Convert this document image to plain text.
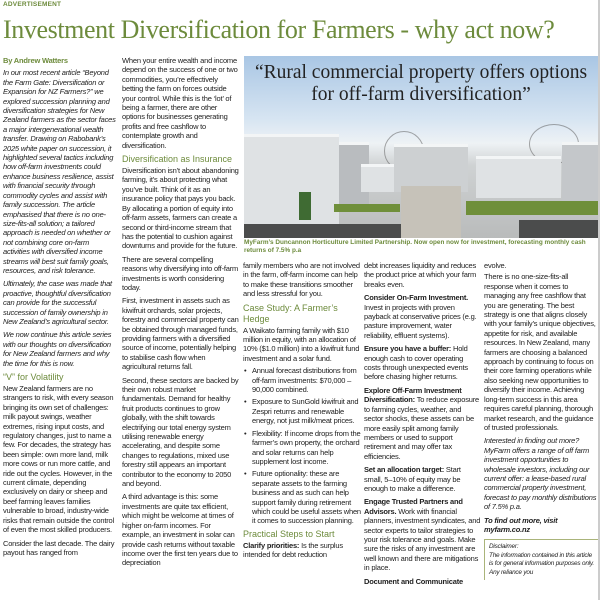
ADVERTISEMENT
Investment Diversification for Farmers - why act now?

By Andrew Watters

In our most recent article “Beyond the Farm Gate: Diversification or Expansion for NZ Farmers?” we explored succession planning and diversification strategies for New Zealand farmers as the sector faces a major intergenerational wealth transfer. Drawing on Rabobank’s 2025 white paper on succession, it highlighted several tactics including how off-farm investments could enhance business resilience, assist with financial security through commodity cycles and assist with family succession. The article emphasised that there is no one-size-fits-all solution; a tailored approach is needed on whether or not combining core on-farm activities with diversified income streams will best suit family goals, resources, and risk tolerance.

Ultimately, the case was made that proactive, thoughtful diversification can provide for the successful succession of family ownership in New Zealand’s agricultural sector.

We now continue this article series with our thoughts on diversification for New Zealand farmers and why the time for this is now.

“V” for Volatility

New Zealand farmers are no strangers to risk, with every season bringing its own set of challenges: milk payout swings, weather extremes, rising input costs, and regulatory changes, just to name a few. For decades, the strategy has been simple: own more land, milk more cows or run more cattle, and ride out the cycles. However, in the current climate, depending exclusively on dairy or sheep and beef farming leaves families vulnerable to broad, industry-wide risks that remain outside the control of even the most skilled producers.

Consider the last decade. The dairy payout has ranged from

When your entire wealth and income depend on the success of one or two commodities, you’re effectively betting the farm on forces outside your control. While this is the ‘lot’ of being a farmer, there are other options for businesses generating profits and free cashflow to contemplate growth and diversification.

Diversification as Insurance

Diversification isn’t about abandoning farming, it’s about protecting what you’ve built. Think of it as an insurance policy that pays you back. By allocating a portion of equity into off-farm assets, farmers can create a second or third-income stream that has the potential to cushion against downturns and provide for the future.

There are several compelling reasons why diversifying into off-farm investments is worth considering today.

First, investment in assets such as kiwifruit orchards, solar projects, forestry and commercial property can be obtained through managed funds, providing farmers with a diversified source of income, potentially helping to stabilise cash flow when agricultural returns fall.

Second, these sectors are backed by their own robust market fundamentals. Demand for healthy fruit products continues to grow globally, with the shift towards electrifying our total energy system utilising renewable energy accelerating, and despite some changes to regulations, mixed use forestry still appears an important contributor to the economy to 2050 and beyond.

A third advantage is this: some investments are quite tax efficient, which might be welcome at times of higher on-farm incomes. For example, an investment in solar can provide cash returns without taxable income over the first ten years due to depreciation

“Rural commercial property offers options for off-farm diversification”
MyFarm’s Duncannon Horticulture Limited Partnership. Now open now for investment, forecasting monthly cash returns of 7.5% p.a

family members who are not involved in the farm, off-farm income can help to make these transitions smoother and less stressful for you.

Case Study: A Farmer’s Hedge

A Waikato farming family with $10 million in equity, with an allocation of 10% ($1.0 million) into a kiwifruit fund investment and a solar fund.

• Annual forecast distributions from off-farm investments: $70,000 – 90,000 combined.
• Exposure to SunGold kiwifruit and Zespri returns and renewable energy, not just milk/meat prices.
• Flexibility: If income drops from the farmer’s own property, the orchard and solar returns can help supplement lost income.
• Future optionality: these are separate assets to the farming business and as such can help support family during retirement which could be useful assets when it comes to succession planning.
Practical Steps to Start

Clarify priorities: Is the surplus intended for debt reduction

debt increases liquidity and reduces the product price at which your farm breaks even.

Consider On-Farm Investment. Invest in projects with proven payback at conservative prices (e.g. pasture improvement, water reliability, effluent systems).

Ensure you have a buffer: Hold enough cash to cover operating costs through unexpected events before chasing higher returns.

Explore Off-Farm Investment Diversification: To reduce exposure to farming cycles, weather, and sector shocks, these assets can be more easily split among family members or used to support retirement and may offer tax efficiencies.

Set an allocation target: Start small, 5–10% of equity may be enough to make a difference.

Engage Trusted Partners and Advisors. Work with financial planners, investment syndicates, and sector experts to tailor strategies to your risk tolerance and goals. Make sure the risks of any investment are well known and there are mitigations in place.

Document and Communicate

evolve.

There is no one-size-fits-all response when it comes to managing any free cashflow that you are generating. The best strategy is one that aligns closely with your family’s unique objectives, appetite for risk, and available resources. In New Zealand, many farmers are choosing a balanced approach by continuing to focus on their core farming operations while also seeking new opportunities to diversify their income. Achieving long-term success in this area requires careful planning, thorough market research, and the guidance of trusted professionals.

Interested in finding out more? MyFarm offers a range of off farm investment opportunities to wholesale investors, including our current offer: a lease-based rural commercial property investment, forecast to pay monthly distributions of 7.5% p.a.

To find out more, visit myfarm.co.nz

Disclaimer:
The information contained in this article is for general information purposes only. Any reliance you
